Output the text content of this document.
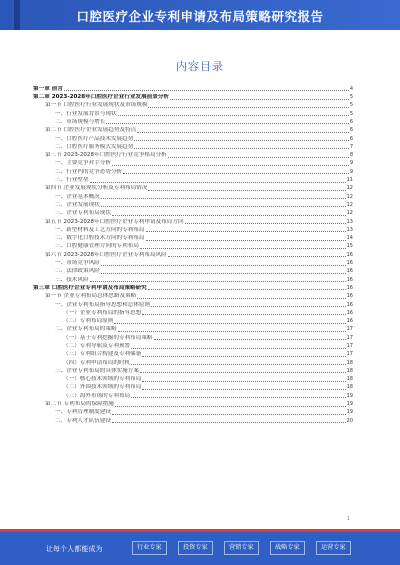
口腔医疗企业专利申请及布局策略研究报告
内容目录
第一章 前言	4
第二章 2023-2028年口腔医疗企业行业发展前景分析	5
第一节 口腔医疗行业发展现状及市场规模	5
一、行业发展背景与现状	5
二、市场规模与增长	6
第二节 口腔医疗企业发展趋势及特点	6
一、口腔医疗产品技术发展趋势	6
二、口腔医疗服务模式发展趋势	7
第三节 2023-2028年口腔医疗行业竞争格局分析	8
一、主要竞争对手分析	9
二、行业内的竞争态势分析	9
三、行业壁垒	11
第四节 企业发展现状分析及专利布局情况	12
一、企业基本概况	12
二、企业发展现状	12
三、企业专利布局现状	12
第五节 2023-2028年口腔医疗企业专利申请及布局方向	13
一、新型材料及工艺方向的专利布局	13
二、数字化口腔技术方向的专利布局	14
三、口腔健康管理方向的专利布局	15
第六节 2023-2028年口腔医疗企业专利布局风险	16
一、市场竞争风险	16
二、法律政策风险	16
三、技术风险	16
第三章 口腔医疗企业专利申请及布局策略研究	16
第一节 企业专利布局总体思路及策略	16
一、企业专利布局指导思想和总体原则	16
（一）企业专利布局的指导思想	16
（二）专利布局原则	16
二、企业专利布局的策略	17
（一）基于专利挖掘的专利布局策略	17
（二）专利导航及专利预警	17
（三）专利组合构建及专利储备	17
（四）专利申请布局的时机	18
三、企业专利布局的具体实施方案	18
（一）核心技术领域的专利布局	18
（二）外围技术领域的专利布局	18
（三）海外市场的专利布局	19
第二节 专利布局的保障措施	19
一、专利管理制度建设	19
二、专利人才队伍建设	20
1
让每个人都能成为	行业专家	投资专家	营销专家	战略专家	运营专家
